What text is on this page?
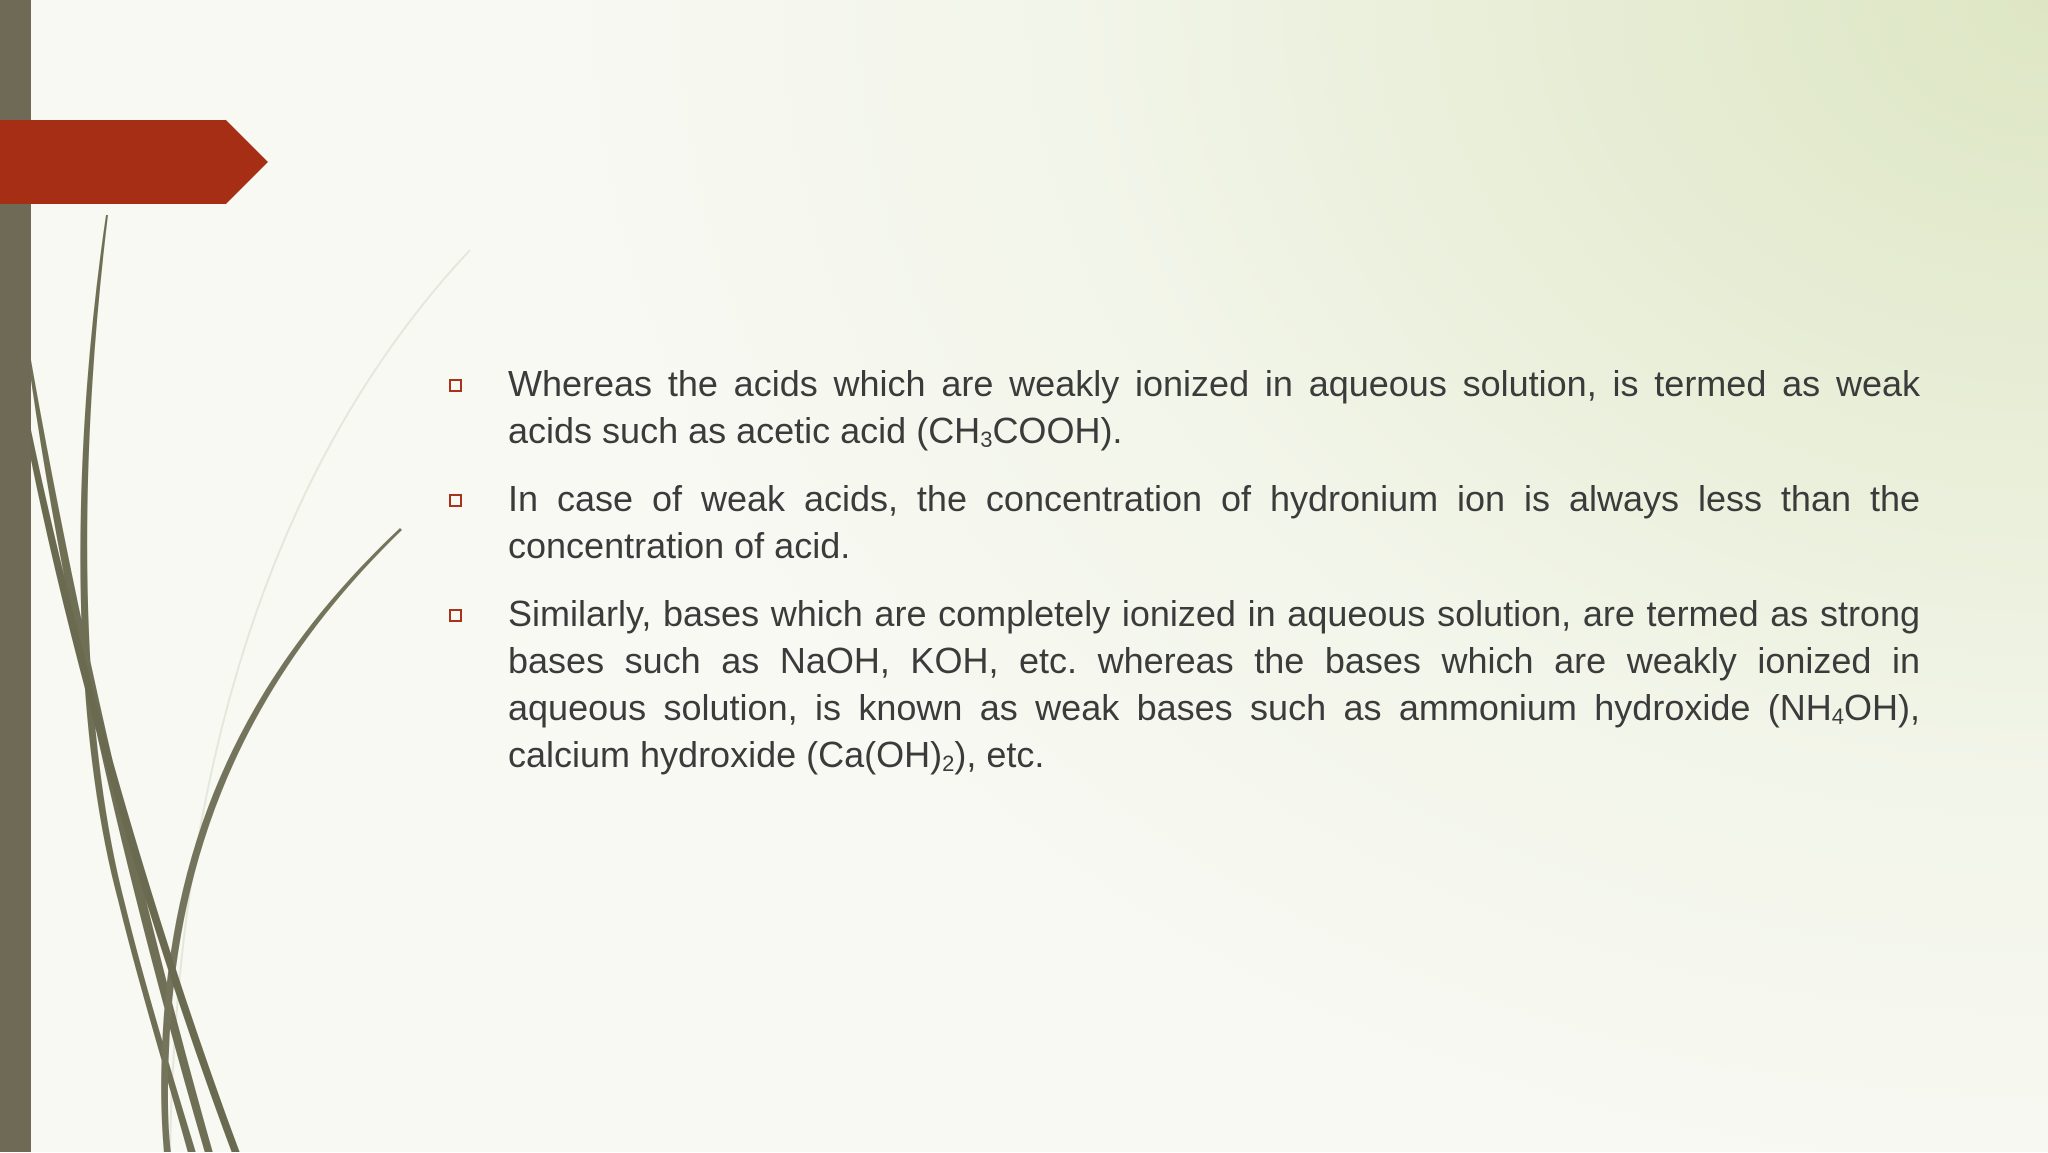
Whereas the acids which are weakly ionized in aqueous solution, is termed as weak acids such as acetic acid $(CH_3COOH)$.
In case of weak acids, the concentration of hydronium ion is always less than the concentration of acid.
Similarly, bases which are completely ionized in aqueous solution, are termed as strong bases such as NaOH, KOH, etc. whereas the bases which are weakly ionized in aqueous solution, is known as weak bases such as ammonium hydroxide $(NH_4OH)$, calcium hydroxide $(Ca(OH)_2)$, etc.
